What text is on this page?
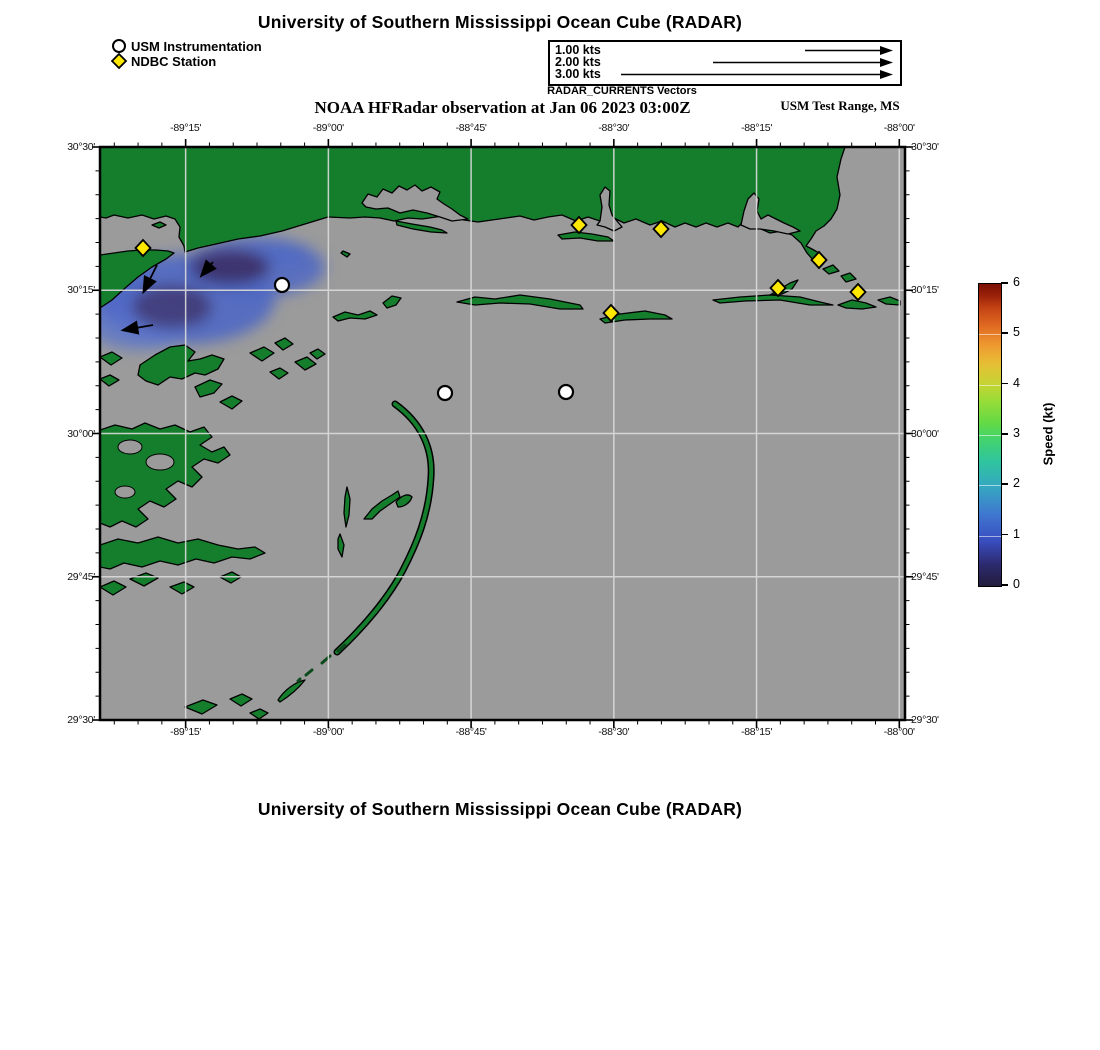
University of Southern Mississippi Ocean Cube (RADAR)
USM Instrumentation
NDBC Station
1.00 kts
2.00 kts
3.00 kts
RADAR_CURRENTS Vectors
NOAA HFRadar observation at Jan 06 2023 03:00Z	USM Test Range, MS
-89°15'
-89°15'
-89°00'
-89°00'
-88°45'
-88°45'
-88°30'
-88°30'
-88°15'
-88°15'
-88°00'
-88°00'
30°30'	30°30'
30°15'	30°15'
30°00'	30°00'
29°45'	29°45'
29°30'	29°30'
0
1
2
3
4
5
6
Speed (kt)
University of Southern Mississippi Ocean Cube (RADAR)
